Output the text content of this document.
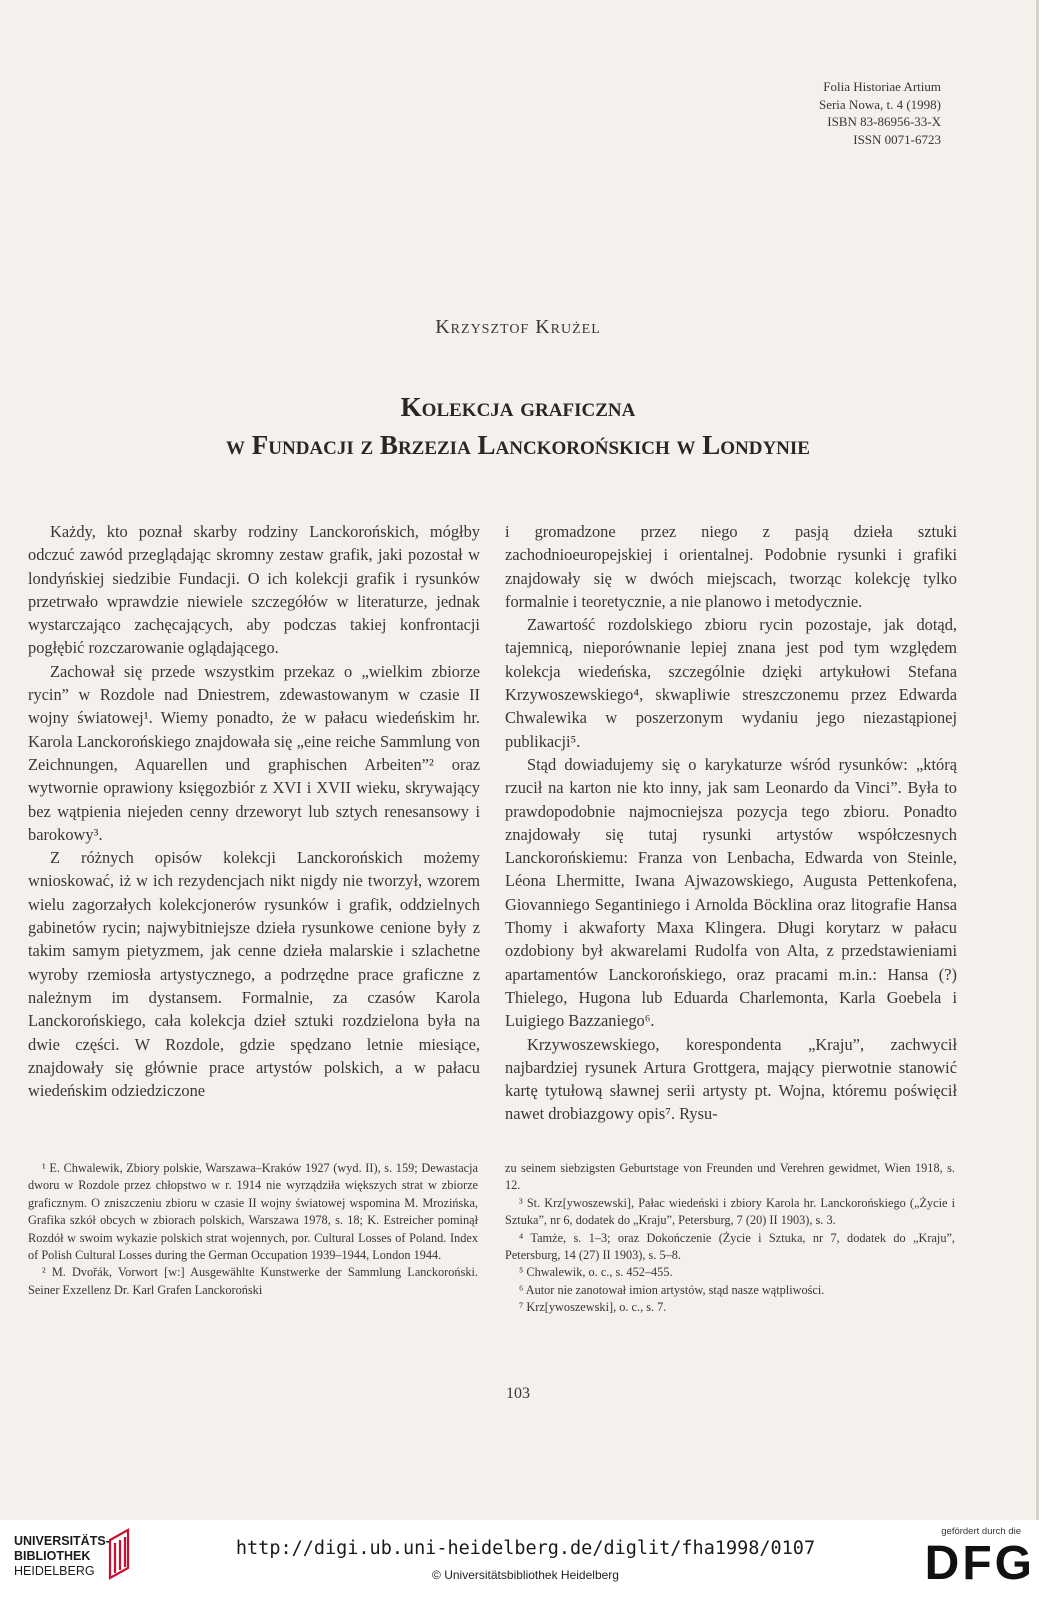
Folia Historiae Artium
Seria Nowa, t. 4 (1998)
ISBN 83-86956-33-X
ISSN 0071-6723
Krzysztof Krużel
Kolekcja graficzna
w Fundacji z Brzezia Lanckorońskich w Londynie

Każdy, kto poznał skarby rodziny Lanckorońskich, mógłby odczuć zawód przeglądając skromny zestaw grafik, jaki pozostał w londyńskiej siedzibie Fundacji. O ich kolekcji grafik i rysunków przetrwało wprawdzie niewiele szczegółów w literaturze, jednak wystarczająco zachęcających, aby podczas takiej konfrontacji pogłębić rozczarowanie oglądającego.

Zachował się przede wszystkim przekaz o „wielkim zbiorze rycin” w Rozdole nad Dniestrem, zdewastowanym w czasie II wojny światowej¹. Wiemy ponadto, że w pałacu wiedeńskim hr. Karola Lanckorońskiego znajdowała się „eine reiche Sammlung von Zeichnungen, Aquarellen und graphischen Arbeiten”² oraz wytwornie oprawiony księgozbiór z XVI i XVII wieku, skrywający bez wątpienia niejeden cenny drzeworyt lub sztych renesansowy i barokowy³.

Z różnych opisów kolekcji Lanckorońskich możemy wnioskować, iż w ich rezydencjach nikt nigdy nie tworzył, wzorem wielu zagorzałych kolekcjonerów rysunków i grafik, oddzielnych gabinetów rycin; najwybitniejsze dzieła rysunkowe cenione były z takim samym pietyzmem, jak cenne dzieła malarskie i szlachetne wyroby rzemiosła artystycznego, a podrzędne prace graficzne z należnym im dystansem. Formalnie, za czasów Karola Lanckorońskiego, cała kolekcja dzieł sztuki rozdzielona była na dwie części. W Rozdole, gdzie spędzano letnie miesiące, znajdowały się głównie prace artystów polskich, a w pałacu wiedeńskim odziedziczone

i gromadzone przez niego z pasją dzieła sztuki zachodnioeuropejskiej i orientalnej. Podobnie rysunki i grafiki znajdowały się w dwóch miejscach, tworząc kolekcję tylko formalnie i teoretycznie, a nie planowo i metodycznie.

Zawartość rozdolskiego zbioru rycin pozostaje, jak dotąd, tajemnicą, nieporównanie lepiej znana jest pod tym względem kolekcja wiedeńska, szczególnie dzięki artykułowi Stefana Krzywoszewskiego⁴, skwapliwie streszczonemu przez Edwarda Chwalewika w poszerzonym wydaniu jego niezastąpionej publikacji⁵.

Stąd dowiadujemy się o karykaturze wśród rysunków: „którą rzucił na karton nie kto inny, jak sam Leonardo da Vinci”. Była to prawdopodobnie najmocniejsza pozycja tego zbioru. Ponadto znajdowały się tutaj rysunki artystów współczesnych Lanckorońskiemu: Franza von Lenbacha, Edwarda von Steinle, Léona Lhermitte, Iwana Ajwazowskiego, Augusta Pettenkofena, Giovanniego Segantiniego i Arnolda Böcklina oraz litografie Hansa Thomy i akwaforty Maxa Klingera. Długi korytarz w pałacu ozdobiony był akwarelami Rudolfa von Alta, z przedstawieniami apartamentów Lanckorońskiego, oraz pracami m.in.: Hansa (?) Thielego, Hugona lub Eduarda Charlemonta, Karla Goebela i Luigiego Bazzaniego⁶.

Krzywoszewskiego, korespondenta „Kraju”, zachwycił najbardziej rysunek Artura Grottgera, mający pierwotnie stanowić kartę tytułową sławnej serii artysty pt. Wojna, któremu poświęcił nawet drobiazgowy opis⁷. Rysu-

¹ E. Chwalewik, Zbiory polskie, Warszawa–Kraków 1927 (wyd. II), s. 159; Dewastacja dworu w Rozdole przez chłopstwo w r. 1914 nie wyrządziła większych strat w zbiorze graficznym. O zniszczeniu zbioru w czasie II wojny światowej wspomina M. Mrozińska, Grafika szkół obcych w zbiorach polskich, Warszawa 1978, s. 18; K. Estreicher pominął Rozdół w swoim wykazie polskich strat wojennych, por. Cultural Losses of Poland. Index of Polish Cultural Losses during the German Occupation 1939–1944, London 1944.

² M. Dvořák, Vorwort [w:] Ausgewählte Kunstwerke der Sammlung Lanckoroński. Seiner Exzellenz Dr. Karl Grafen Lanckoroński

zu seinem siebzigsten Geburtstage von Freunden und Verehren gewidmet, Wien 1918, s. 12.

³ St. Krz[ywoszewski], Pałac wiedeński i zbiory Karola hr. Lanckorońskiego („Życie i Sztuka”, nr 6, dodatek do „Kraju”, Petersburg, 7 (20) II 1903), s. 3.

⁴ Tamże, s. 1–3; oraz Dokończenie (Życie i Sztuka, nr 7, dodatek do „Kraju”, Petersburg, 14 (27) II 1903), s. 5–8.

⁵ Chwalewik, o. c., s. 452–455.

⁶ Autor nie zanotował imion artystów, stąd nasze wątpliwości.

⁷ Krz[ywoszewski], o. c., s. 7.

103
UNIVERSITÄTS-
BIBLIOTHEK
HEIDELBERG
http://digi.ub.uni-heidelberg.de/diglit/fha1998/0107
© Universitätsbibliothek Heidelberg
gefördert durch die
DFG
